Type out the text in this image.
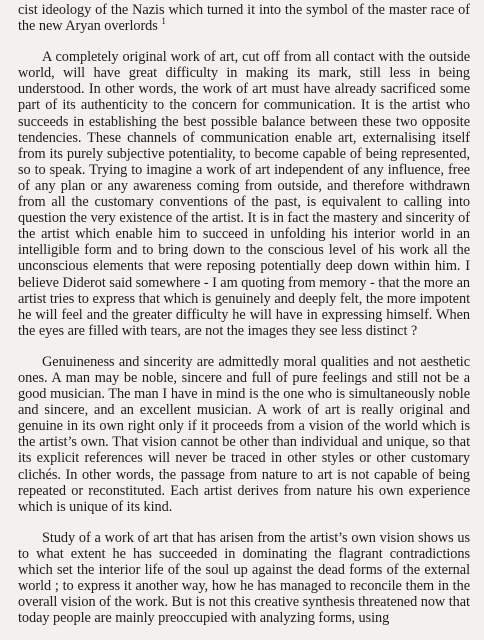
cist ideology of the Nazis which turned it into the symbol of the master race of the new Aryan overlords $^1$

A completely original work of art, cut off from all contact with the outside world, will have great difficulty in making its mark, still less in being understood. In other words, the work of art must have already sacrificed some part of its authenticity to the concern for communication. It is the artist who succeeds in establishing the best possible balance between these two opposite tendencies. These channels of communication enable art, externalising itself from its purely subjective potentiality, to become capable of being represented, so to speak. Trying to imagine a work of art independent of any influence, free of any plan or any awareness coming from outside, and therefore withdrawn from all the customary conventions of the past, is equivalent to calling into question the very existence of the artist. It is in fact the mastery and sincerity of the artist which enable him to succeed in unfolding his interior world in an intelligible form and to bring down to the conscious level of his work all the unconscious elements that were reposing potentially deep down within him. I believe Diderot said somewhere - I am quoting from memory - that the more an artist tries to express that which is genuinely and deeply felt, the more impotent he will feel and the greater difficulty he will have in expressing himself. When the eyes are filled with tears, are not the images they see less distinct ?

Genuineness and sincerity are admittedly moral qualities and not aesthetic ones. A man may be noble, sincere and full of pure feelings and still not be a good musician. The man I have in mind is the one who is simultaneously noble and sincere, and an excellent musician. A work of art is really original and genuine in its own right only if it proceeds from a vision of the world which is the artist’s own. That vision cannot be other than individual and unique, so that its explicit references will never be traced in other styles or other customary clichés. In other words, the passage from nature to art is not capable of being repeated or reconstituted. Each artist derives from nature his own experience which is unique of its kind.

Study of a work of art that has arisen from the artist’s own vision shows us to what extent he has succeeded in dominating the flagrant contradictions which set the interior life of the soul up against the dead forms of the external world ; to express it another way, how he has managed to reconcile them in the overall vision of the work. But is not this creative synthesis threatened now that today people are mainly preoccupied with analyzing forms, using
